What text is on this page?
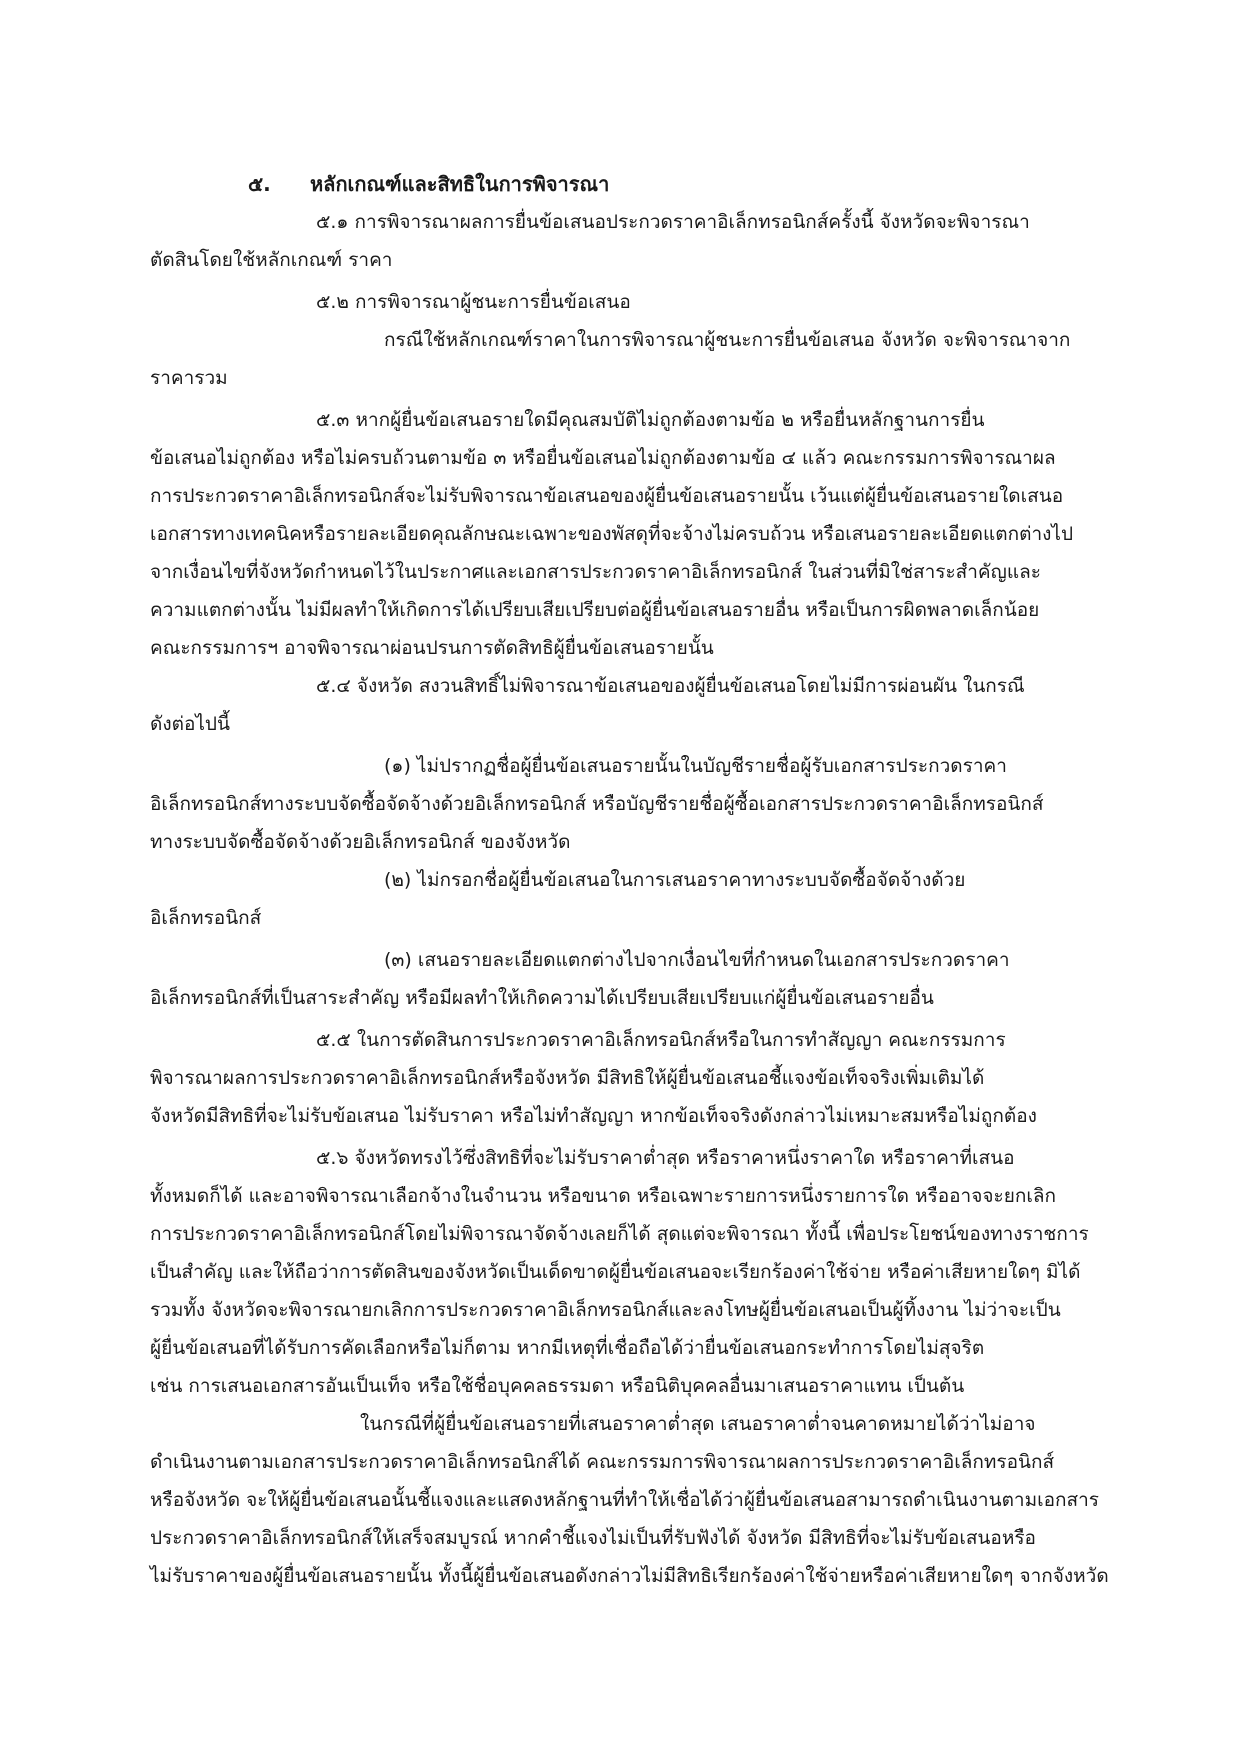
๕. หลักเกณฑ์และสิทธิในการพิจารณา
๕.๑ การพิจารณาผลการยื่นข้อเสนอประกวดราคาอิเล็กทรอนิกส์ครั้งนี้ จังหวัดจะพิจารณา
ตัดสินโดยใช้หลักเกณฑ์ ราคา
๕.๒ การพิจารณาผู้ชนะการยื่นข้อเสนอ
กรณีใช้หลักเกณฑ์ราคาในการพิจารณาผู้ชนะการยื่นข้อเสนอ จังหวัด จะพิจารณาจาก
ราคารวม
๕.๓ หากผู้ยื่นข้อเสนอรายใดมีคุณสมบัติไม่ถูกต้องตามข้อ ๒ หรือยื่นหลักฐานการยื่น
ข้อเสนอไม่ถูกต้อง หรือไม่ครบถ้วนตามข้อ ๓ หรือยื่นข้อเสนอไม่ถูกต้องตามข้อ ๔ แล้ว คณะกรรมการพิจารณาผล
การประกวดราคาอิเล็กทรอนิกส์จะไม่รับพิจารณาข้อเสนอของผู้ยื่นข้อเสนอรายนั้น เว้นแต่ผู้ยื่นข้อเสนอรายใดเสนอ
เอกสารทางเทคนิคหรือรายละเอียดคุณลักษณะเฉพาะของพัสดุที่จะจ้างไม่ครบถ้วน หรือเสนอรายละเอียดแตกต่างไป
จากเงื่อนไขที่จังหวัดกำหนดไว้ในประกาศและเอกสารประกวดราคาอิเล็กทรอนิกส์ ในส่วนที่มิใช่สาระสำคัญและ
ความแตกต่างนั้น ไม่มีผลทำให้เกิดการได้เปรียบเสียเปรียบต่อผู้ยื่นข้อเสนอรายอื่น หรือเป็นการผิดพลาดเล็กน้อย
คณะกรรมการฯ อาจพิจารณาผ่อนปรนการตัดสิทธิผู้ยื่นข้อเสนอรายนั้น
๕.๔ จังหวัด สงวนสิทธิ์ไม่พิจารณาข้อเสนอของผู้ยื่นข้อเสนอโดยไม่มีการผ่อนผัน ในกรณี
ดังต่อไปนี้
(๑) ไม่ปรากฏชื่อผู้ยื่นข้อเสนอรายนั้นในบัญชีรายชื่อผู้รับเอกสารประกวดราคา
อิเล็กทรอนิกส์ทางระบบจัดซื้อจัดจ้างด้วยอิเล็กทรอนิกส์ หรือบัญชีรายชื่อผู้ซื้อเอกสารประกวดราคาอิเล็กทรอนิกส์
ทางระบบจัดซื้อจัดจ้างด้วยอิเล็กทรอนิกส์ ของจังหวัด
(๒) ไม่กรอกชื่อผู้ยื่นข้อเสนอในการเสนอราคาทางระบบจัดซื้อจัดจ้างด้วย
อิเล็กทรอนิกส์
(๓) เสนอรายละเอียดแตกต่างไปจากเงื่อนไขที่กำหนดในเอกสารประกวดราคา
อิเล็กทรอนิกส์ที่เป็นสาระสำคัญ หรือมีผลทำให้เกิดความได้เปรียบเสียเปรียบแก่ผู้ยื่นข้อเสนอรายอื่น
๕.๕ ในการตัดสินการประกวดราคาอิเล็กทรอนิกส์หรือในการทำสัญญา คณะกรรมการ
พิจารณาผลการประกวดราคาอิเล็กทรอนิกส์หรือจังหวัด มีสิทธิให้ผู้ยื่นข้อเสนอชี้แจงข้อเท็จจริงเพิ่มเติมได้
จังหวัดมีสิทธิที่จะไม่รับข้อเสนอ ไม่รับราคา หรือไม่ทำสัญญา หากข้อเท็จจริงดังกล่าวไม่เหมาะสมหรือไม่ถูกต้อง
๕.๖ จังหวัดทรงไว้ซึ่งสิทธิที่จะไม่รับราคาต่ำสุด หรือราคาหนึ่งราคาใด หรือราคาที่เสนอ
ทั้งหมดก็ได้ และอาจพิจารณาเลือกจ้างในจำนวน หรือขนาด หรือเฉพาะรายการหนึ่งรายการใด หรืออาจจะยกเลิก
การประกวดราคาอิเล็กทรอนิกส์โดยไม่พิจารณาจัดจ้างเลยก็ได้ สุดแต่จะพิจารณา ทั้งนี้ เพื่อประโยชน์ของทางราชการ
เป็นสำคัญ และให้ถือว่าการตัดสินของจังหวัดเป็นเด็ดขาดผู้ยื่นข้อเสนอจะเรียกร้องค่าใช้จ่าย หรือค่าเสียหายใดๆ มิได้
รวมทั้ง จังหวัดจะพิจารณายกเลิกการประกวดราคาอิเล็กทรอนิกส์และลงโทษผู้ยื่นข้อเสนอเป็นผู้ทิ้งงาน ไม่ว่าจะเป็น
ผู้ยื่นข้อเสนอที่ได้รับการคัดเลือกหรือไม่ก็ตาม หากมีเหตุที่เชื่อถือได้ว่ายื่นข้อเสนอกระทำการโดยไม่สุจริต
เช่น การเสนอเอกสารอันเป็นเท็จ หรือใช้ชื่อบุคคลธรรมดา หรือนิติบุคคลอื่นมาเสนอราคาแทน เป็นต้น
ในกรณีที่ผู้ยื่นข้อเสนอรายที่เสนอราคาต่ำสุด เสนอราคาต่ำจนคาดหมายได้ว่าไม่อาจ
ดำเนินงานตามเอกสารประกวดราคาอิเล็กทรอนิกส์ได้ คณะกรรมการพิจารณาผลการประกวดราคาอิเล็กทรอนิกส์
หรือจังหวัด จะให้ผู้ยื่นข้อเสนอนั้นชี้แจงและแสดงหลักฐานที่ทำให้เชื่อได้ว่าผู้ยื่นข้อเสนอสามารถดำเนินงานตามเอกสาร
ประกวดราคาอิเล็กทรอนิกส์ให้เสร็จสมบูรณ์ หากคำชี้แจงไม่เป็นที่รับฟังได้ จังหวัด มีสิทธิที่จะไม่รับข้อเสนอหรือ
ไม่รับราคาของผู้ยื่นข้อเสนอรายนั้น ทั้งนี้ผู้ยื่นข้อเสนอดังกล่าวไม่มีสิทธิเรียกร้องค่าใช้จ่ายหรือค่าเสียหายใดๆ จากจังหวัด
